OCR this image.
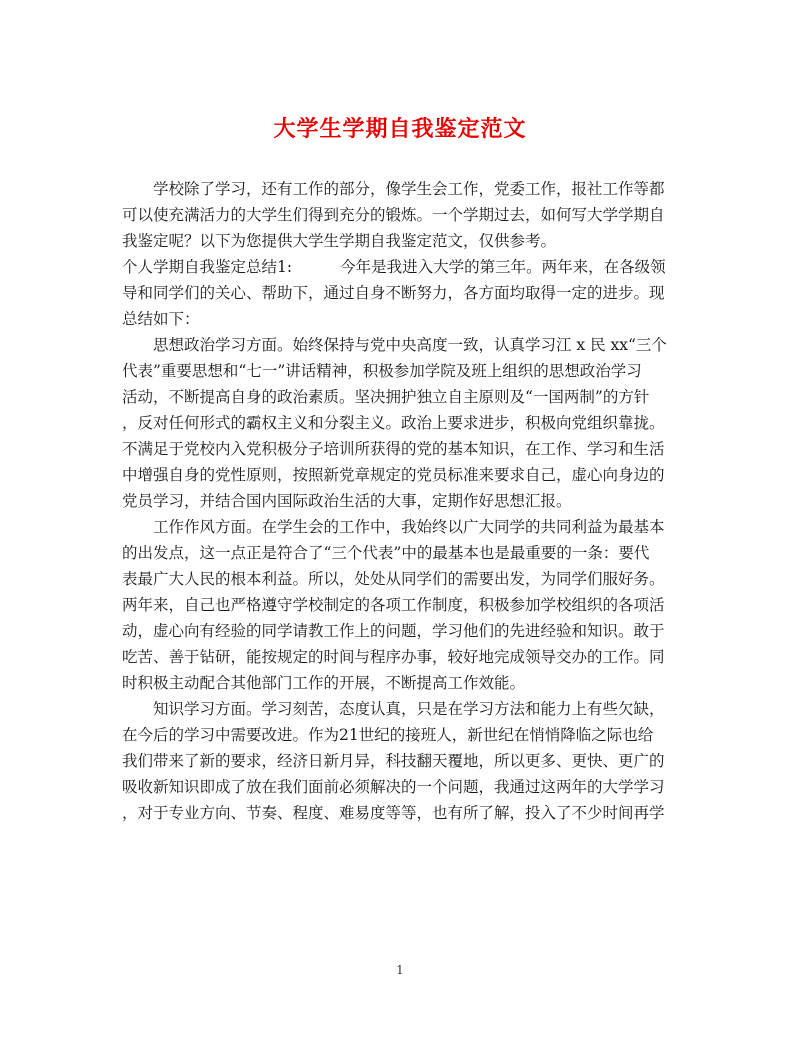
大学生学期自我鉴定范文
学校除了学习，还有工作的部分，像学生会工作，党委工作，报社工作等都
可以使充满活力的大学生们得到充分的锻炼。一个学期过去，如何写大学学期自
我鉴定呢？以下为您提供大学生学期自我鉴定范文，仅供参考。
个人学期自我鉴定总结1:	今年是我进入大学的第三年。两年来，在各级领
导和同学们的关心、帮助下，通过自身不断努力，各方面均取得一定的进步。现
总结如下：
思想政治学习方面。始终保持与党中央高度一致，认真学习江 x 民 xx“三个
代表”重要思想和“七一”讲话精神，积极参加学院及班上组织的思想政治学习
活动，不断提高自身的政治素质。坚决拥护独立自主原则及“一国两制”的方针
，反对任何形式的霸权主义和分裂主义。政治上要求进步，积极向党组织靠拢。
不满足于党校内入党积极分子培训所获得的党的基本知识，在工作、学习和生活
中增强自身的党性原则，按照新党章规定的党员标准来要求自己，虚心向身边的
党员学习，并结合国内国际政治生活的大事，定期作好思想汇报。
工作作风方面。在学生会的工作中，我始终以广大同学的共同利益为最基本
的出发点，这一点正是符合了“三个代表”中的最基本也是最重要的一条：要代
表最广大人民的根本利益。所以，处处从同学们的需要出发，为同学们服好务。
两年来，自己也严格遵守学校制定的各项工作制度，积极参加学校组织的各项活
动，虚心向有经验的同学请教工作上的问题，学习他们的先进经验和知识。敢于
吃苦、善于钻研，能按规定的时间与程序办事，较好地完成领导交办的工作。同
时积极主动配合其他部门工作的开展，不断提高工作效能。
知识学习方面。学习刻苦，态度认真，只是在学习方法和能力上有些欠缺，
在今后的学习中需要改进。作为21世纪的接班人，新世纪在悄悄降临之际也给
我们带来了新的要求，经济日新月异，科技翻天覆地，所以更多、更快、更广的
吸收新知识即成了放在我们面前必须解决的一个问题，我通过这两年的大学学习
，对于专业方向、节奏、程度、难易度等等，也有所了解，投入了不少时间再学
1
